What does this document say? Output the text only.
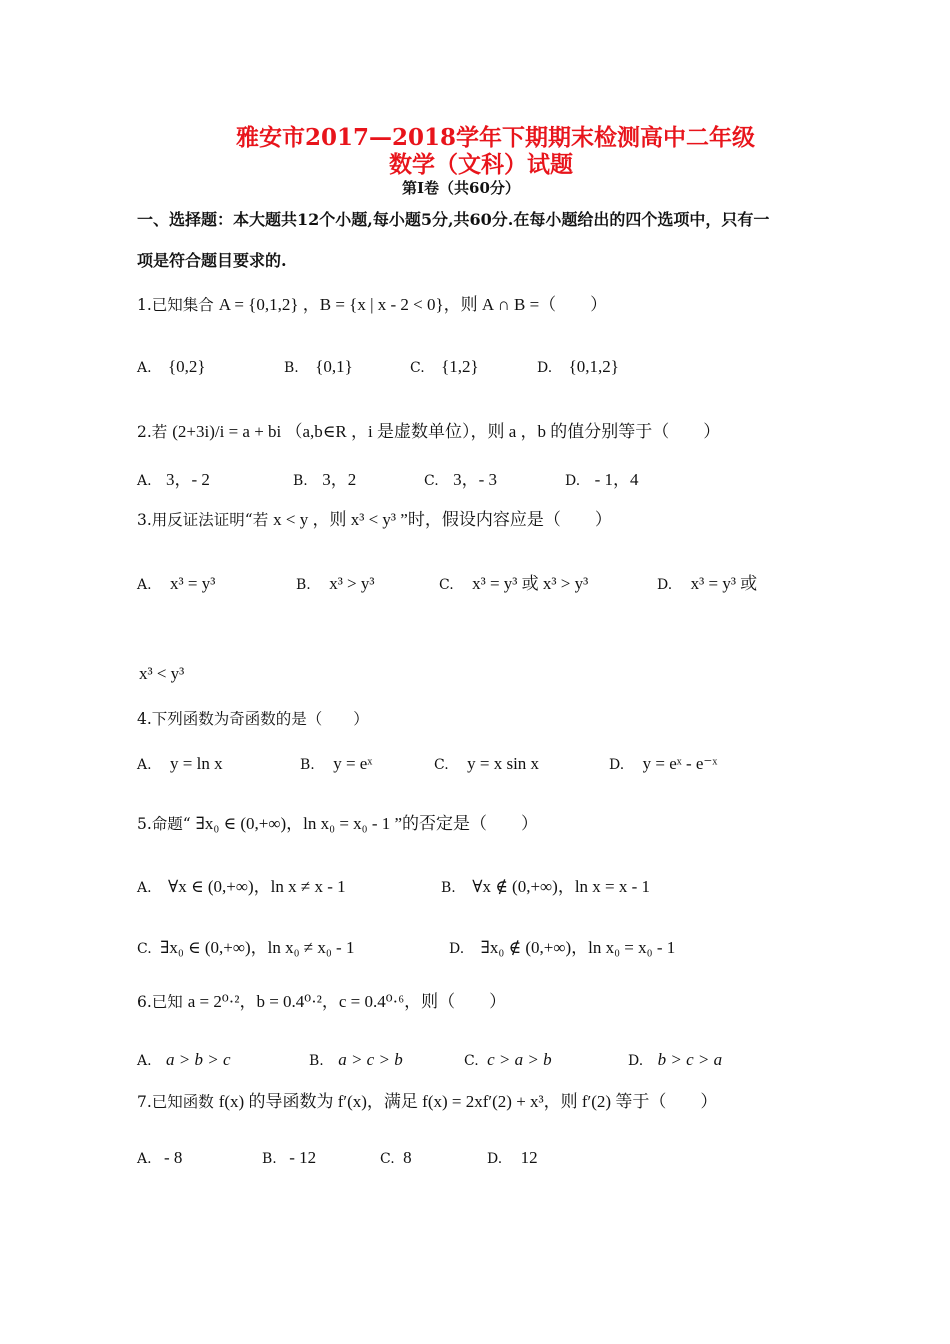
雅安市2017—2018学年下期期末检测高中二年级
数学（文科）试题
第Ⅰ卷（共60分）
一、选择题：本大题共12个小题,每小题5分,共60分.在每小题给出的四个选项中，只有一
项是符合题目要求的.
1.已知集合 A = {0,1,2} ，B = {x | x - 2 < 0}，则 A ∩ B =（　　）
A. {0,2}	B. {0,1}	C. {1,2}	D. {0,1,2}
2.若 (2+3i)/i = a + bi （a,b∈R ，i 是虚数单位），则 a ，b 的值分别等于（　　）
A. 3，- 2	B. 3，2	C. 3，- 3	D. - 1，4
3.用反证法证明“若 x < y ，则 x³ < y³ ”时，假设内容应是（　　）
A. x³ = y³	B. x³ > y³	C. x³ = y³ 或 x³ > y³	D. x³ = y³ 或
x³ < y³
4.下列函数为奇函数的是（　　）
A. y = ln x	B. y = eˣ	C. y = x sin x	D. y = eˣ - e⁻ˣ
5.命题“ ∃x₀ ∈ (0,+∞)，ln x₀ = x₀ - 1 ”的否定是（　　）
A. ∀x ∈ (0,+∞)，ln x ≠ x - 1	B. ∀x ∉ (0,+∞)，ln x = x - 1
C. ∃x₀ ∈ (0,+∞)，ln x₀ ≠ x₀ - 1	D. ∃x₀ ∉ (0,+∞)，ln x₀ = x₀ - 1
6.已知 a = 2⁰·²，b = 0.4⁰·²，c = 0.4⁰·⁶，则（　　）
A. a > b > c	B. a > c > b	C. c > a > b	D. b > c > a
7.已知函数 f(x) 的导函数为 f′(x)，满足 f(x) = 2xf′(2) + x³，则 f′(2) 等于（　　）
A. - 8	B. - 12	C. 8	D. 12
